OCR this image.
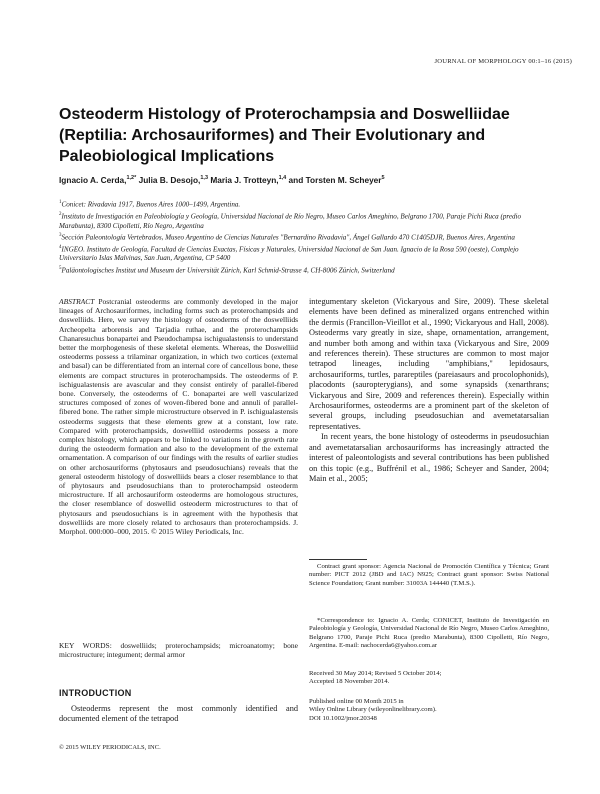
JOURNAL OF MORPHOLOGY 00:1–16 (2015)
Osteoderm Histology of Proterochampsia and Doswelliidae (Reptilia: Archosauriformes) and Their Evolutionary and Paleobiological Implications
Ignacio A. Cerda,$^{1,2*}$ Julia B. Desojo,$^{1,3}$ Maria J. Trotteyn,$^{1,4}$ and Torsten M. Scheyer$^5$

$^1$Conicet: Rivadavia 1917, Buenos Aires 1000–1499, Argentina.

$^2$Instituto de Investigación en Paleobiología y Geología, Universidad Nacional de Río Negro, Museo Carlos Ameghino, Belgrano 1700, Paraje Pichi Ruca (predio Marabunta), 8300 Cipolletti, Río Negro, Argentina

$^3$Sección Paleontología Vertebrados, Museo Argentino de Ciencias Naturales "Bernardino Rivadavia", Ángel Gallardo 470 C1405DJR, Buenos Aires, Argentina

$^4$INGEO. Instituto de Geología, Facultad de Ciencias Exactas, Físicas y Naturales, Universidad Nacional de San Juan. Ignacio de la Rosa 590 (oeste), Complejo Universitario Islas Malvinas, San Juan, Argentina, CP 5400

$^5$Paläontologisches Institut und Museum der Universität Zürich, Karl Schmid-Strasse 4, CH-8006 Zürich, Switzerland

ABSTRACT Postcranial osteoderms are commonly developed in the major lineages of Archosauriformes, including forms such as proterochampsids and doswelliids. Here, we survey the histology of osteoderms of the doswelliids Archeopelta arborensis and Tarjadia ruthae, and the proterochampsids Chanaresuchus bonapartei and Pseudochampsa ischigualastensis to understand better the morphogenesis of these skeletal elements. Whereas, the Doswelliid osteoderms possess a trilaminar organization, in which two cortices (external and basal) can be differentiated from an internal core of cancellous bone, these elements are compact structures in proterochampsids. The osteoderms of P. ischigualastensis are avascular and they consist entirely of parallel-fibered bone. Conversely, the osteoderms of C. bonapartei are well vascularized structures composed of zones of woven-fibered bone and annuli of parallel-fibered bone. The rather simple microstructure observed in P. ischigualastensis osteoderms suggests that these elements grew at a constant, low rate. Compared with proterochampsids, doswelliid osteoderms possess a more complex histology, which appears to be linked to variations in the growth rate during the osteoderm formation and also to the development of the external ornamentation. A comparison of our findings with the results of earlier studies on other archosauriforms (phytosaurs and pseudosuchians) reveals that the general osteoderm histology of doswelliids bears a closer resemblance to that of phytosaurs and pseudosuchians than to proterochampsid osteoderm microstructure. If all archosauriform osteoderms are homologous structures, the closer resemblance of doswellid osteoderm microstructures to that of phytosaurs and pseudosuchians is in agreement with the hypothesis that doswelliids are more closely related to archosaurs than proterochampsids. J. Morphol. 000:000–000, 2015. © 2015 Wiley Periodicals, Inc.
KEY WORDS: doswelliids; proterochampsids; microanatomy; bone microstructure; integument; dermal armor
INTRODUCTION
Osteoderms represent the most commonly identified and documented element of the tetrapod
© 2015 WILEY PERIODICALS, INC.

integumentary skeleton (Vickaryous and Sire, 2009). These skeletal elements have been defined as mineralized organs entrenched within the dermis (Francillon-Vieillot et al., 1990; Vickaryous and Hall, 2008). Osteoderms vary greatly in size, shape, ornamentation, arrangement, and number both among and within taxa (Vickaryous and Sire, 2009 and references therein). These structures are common to most major tetrapod lineages, including "amphibians," lepidosaurs, archosauriforms, turtles, parareptiles (pareiasaurs and procolophonids), placodonts (sauropterygians), and some synapsids (xenarthrans; Vickaryous and Sire, 2009 and references therein). Especially within Archosauriformes, osteoderms are a prominent part of the skeleton of several groups, including pseudosuchian and avemetatarsalian representatives.

In recent years, the bone histology of osteoderms in pseudosuchian and avemetatarsalian archosauriforms has increasingly attracted the interest of paleontologists and several contributions has been published on this topic (e.g., Buffrénil et al., 1986; Scheyer and Sander, 2004; Main et al., 2005;

Contract grant sponsor: Agencia Nacional de Promoción Científica y Técnica; Grant number: PICT 2012 (JBD and IAC) N925; Contract grant sponsor: Swiss National Science Foundation; Grant number: 31003A 144440 (T.M.S.).
*Correspondence to: Ignacio A. Cerda; CONICET, Instituto de Investigación en Paleobiología y Geología, Universidad Nacional de Río Negro, Museo Carlos Ameghino, Belgrano 1700, Paraje Pichi Ruca (predio Marabunta), 8300 Cipolletti, Río Negro, Argentina. E-mail: nachocerda6@yahoo.com.ar
Received 30 May 2014; Revised 5 October 2014;
Accepted 18 November 2014.
Published online 00 Month 2015 in
Wiley Online Library (wileyonlinelibrary.com).
DOI 10.1002/jmor.20348
